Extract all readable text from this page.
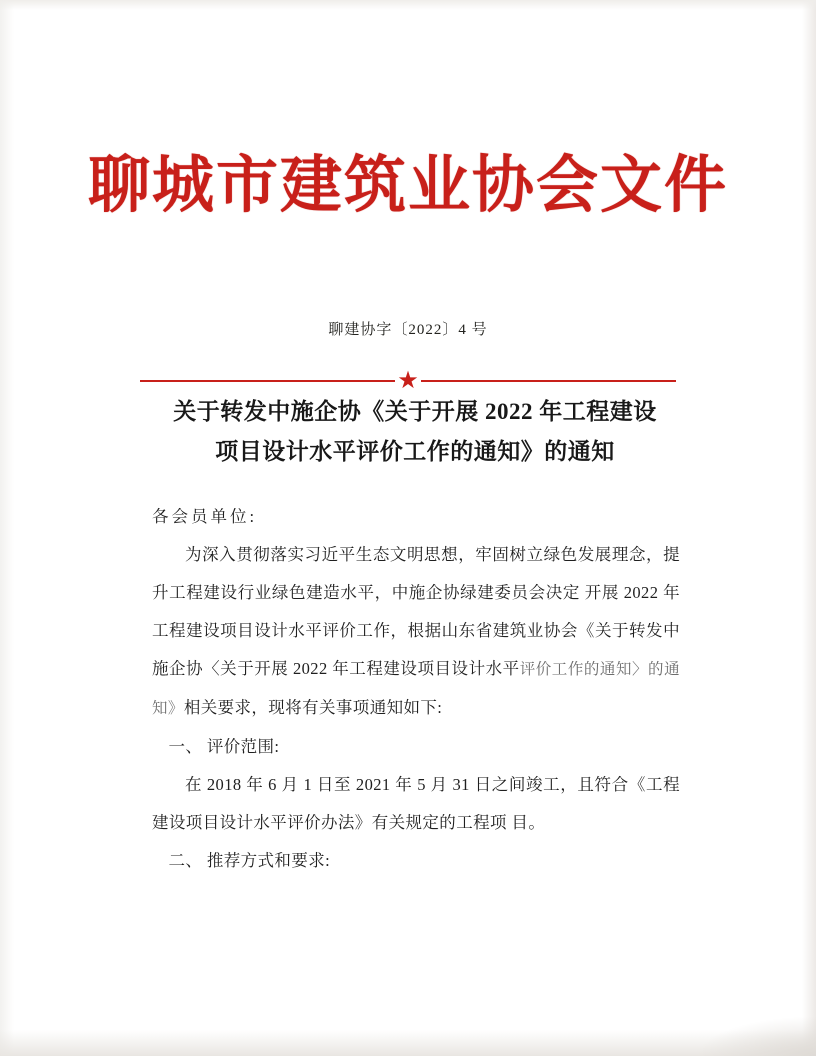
聊城市建筑业协会文件
聊建协字〔2022〕4 号
★
关于转发中施企协《关于开展 2022 年工程建设
项目设计水平评价工作的通知》的通知

各会员单位:

为深入贯彻落实习近平生态文明思想，牢固树立绿色发展理念，提升工程建设行业绿色建造水平，中施企协绿建委员会决定 开展 2022 年工程建设项目设计水平评价工作，根据山东省建筑业协会《关于转发中施企协〈关于开展 2022 年工程建设项目设计水平评价工作的通知〉的通知》相关要求，现将有关事项通知如下:

一、 评价范围:

在 2018 年 6 月 1 日至 2021 年 5 月 31 日之间竣工，且符合《工程建设项目设计水平评价办法》有关规定的工程项 目。

二、 推荐方式和要求:
